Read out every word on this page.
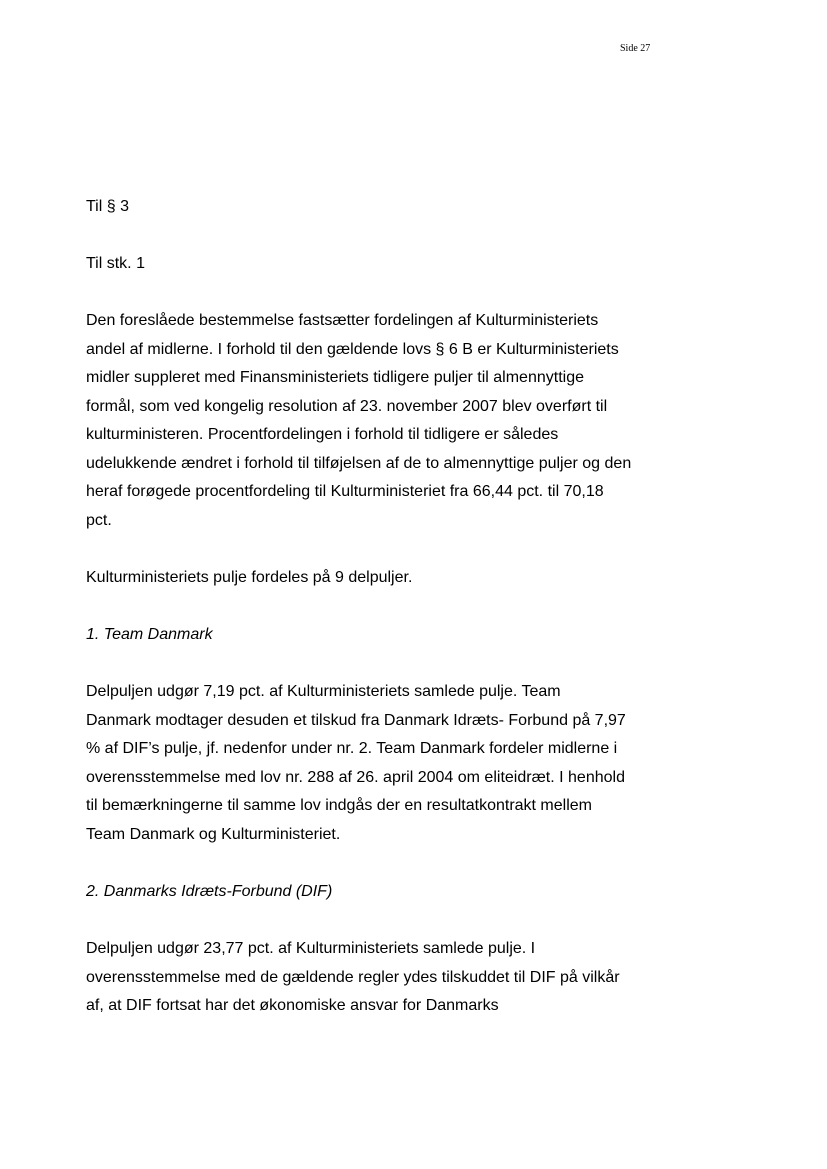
Side 27

Til § 3

Til stk. 1

Den foreslåede bestemmelse fastsætter fordelingen af Kulturministeriets
andel af midlerne. I forhold til den gældende lovs § 6 B er Kulturministeriets
midler suppleret med Finansministeriets tidligere puljer til almennyttige
formål, som ved kongelig resolution af 23. november 2007 blev overført til
kulturministeren. Procentfordelingen i forhold til tidligere er således
udelukkende ændret i forhold til tilføjelsen af de to almennyttige puljer og den
heraf forøgede procentfordeling til Kulturministeriet fra 66,44 pct. til 70,18
pct.

Kulturministeriets pulje fordeles på 9 delpuljer.

1. Team Danmark

Delpuljen udgør 7,19 pct. af Kulturministeriets samlede pulje. Team
Danmark modtager desuden et tilskud fra Danmark Idræts- Forbund på 7,97
% af DIF’s pulje, jf. nedenfor under nr. 2. Team Danmark fordeler midlerne i
overensstemmelse med lov nr. 288 af 26. april 2004 om eliteidræt. I henhold
til bemærkningerne til samme lov indgås der en resultatkontrakt mellem
Team Danmark og Kulturministeriet.

2. Danmarks Idræts-Forbund (DIF)

Delpuljen udgør 23,77 pct. af Kulturministeriets samlede pulje. I
overensstemmelse med de gældende regler ydes tilskuddet til DIF på vilkår
af, at DIF fortsat har det økonomiske ansvar for Danmarks
